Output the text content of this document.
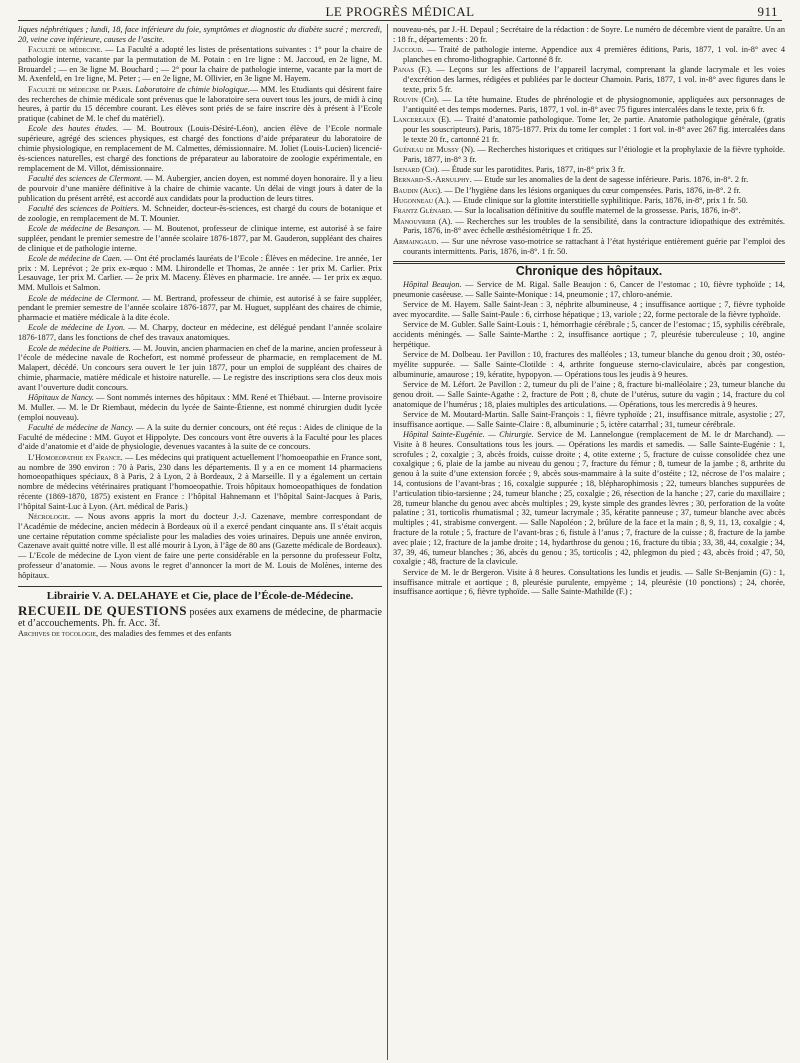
LE PROGRÈS MÉDICAL	911

liques néphrétiques ; lundi, 18, face inférieure du foie, symptômes et diagnostic du diabète sucré ; mercredi, 20, veine cave inférieure, causes de l’ascite.

Faculté de médecine. — La Faculté a adopté les listes de présentations suivantes : 1° pour la chaire de pathologie interne, vacante par la permutation de M. Potain : en 1re ligne : M. Jaccoud, en 2e ligne, M. Brouardel ; — en 3e ligne M. Bouchard ; — 2° pour la chaire de pathologie interne, vacante par la mort de M. Axenfeld, en 1re ligne, M. Peter ; — en 2e ligne, M. Ollivier, en 3e ligne M. Hayem.

Faculté de médecine de Paris. Laboratoire de chimie biologique.— MM. les Etudiants qui désirent faire des recherches de chimie médicale sont prévenus que le laboratoire sera ouvert tous les jours, de midi à cinq heures, à partir du 15 décembre courant. Les élèves sont priés de se faire inscrire dès à présent à l’Ecole pratique (cabinet de M. le chef du matériel).

Ecole des hautes études. — M. Boutroux (Louis-Désiré-Léon), ancien élève de l’Ecole normale supérieure, agrégé des sciences physiques, est chargé des fonctions d’aide préparateur du laboratoire de chimie physiologique, en remplacement de M. Calmettes, démissionnaire. M. Joliet (Louis-Lucien) licencié-ès-sciences naturelles, est chargé des fonctions de préparateur au laboratoire de zoologie expérimentale, en remplacement de M. Villot, démissionnaire.

Faculté des sciences de Clermont. — M. Aubergier, ancien doyen, est nommé doyen honoraire. Il y a lieu de pourvoir d’une manière définitive à la chaire de chimie vacante. Un délai de vingt jours à dater de la publication du présent arrêté, est accordé aux candidats pour la production de leurs titres.

Faculté des sciences de Poitiers. M. Schneider, docteur-ès-sciences, est chargé du cours de botanique et de zoologie, en remplacement de M. T. Mounier.

Ecole de médecine de Besançon. — M. Boutenot, professeur de clinique interne, est autorisé à se faire suppléer, pendant le premier semestre de l’année scolaire 1876-1877, par M. Gauderon, suppléant des chaires de clinique et de pathologie interne.

Ecole de médecine de Caen. — Ont été proclamés lauréats de l’Ecole : Élèves en médecine. 1re année, 1er prix : M. Leprévot ; 2e prix ex-æquo : MM. Lhirondelle et Thomas, 2e année : 1er prix M. Carlier. Prix Lesauvage, 1er prix M. Carlier. — 2e prix M. Maceny. Élèves en pharmacie. 1re année. — 1er prix ex æquo. MM. Mullois et Salmon.

Ecole de médecine de Clermont. — M. Bertrand, professeur de chimie, est autorisé à se faire suppléer, pendant le premier semestre de l’année scolaire 1876-1877, par M. Huguet, suppléant des chaires de chimie, pharmacie et matière médicale à la dite école.

Ecole de médecine de Lyon. — M. Charpy, docteur en médecine, est délégué pendant l’année scolaire 1876-1877, dans les fonctions de chef des travaux anatomiques.

Ecole de médecine de Poitiers. — M. Jouvin, ancien pharmacien en chef de la marine, ancien professeur à l’école de médecine navale de Rochefort, est nommé professeur de pharmacie, en remplacement de M. Malapert, décédé. Un concours sera ouvert le 1er juin 1877, pour un emploi de suppléant des chaires de chimie, pharmacie, matière médicale et histoire naturelle. — Le registre des inscriptions sera clos deux mois avant l’ouverture dudit concours.

Hôpitaux de Nancy. — Sont nommés internes des hôpitaux : MM. René et Thiébaut. — Interne provisoire M. Muller. — M. le Dr Riembaut, médecin du lycée de Sainte-Étienne, est nommé chirurgien dudit lycée (emploi nouveau).

Faculté de médecine de Nancy. — A la suite du dernier concours, ont été reçus : Aides de clinique de la Faculté de médecine : MM. Guyot et Hippolyte. Des concours vont être ouverts à la Faculté pour les places d’aide d’anatomie et d’aide de physiologie, devenues vacantes à la suite de ce concours.

L’Homoeopathie en France. — Les médecins qui pratiquent actuellement l’homoeopathie en France sont, au nombre de 390 environ : 70 à Paris, 230 dans les départements. Il y a en ce moment 14 pharmaciens homoeopathiques spéciaux, 8 à Paris, 2 à Lyon, 2 à Bordeaux, 2 à Marseille. Il y a également un certain nombre de médecins vétérinaires pratiquant l’homoeopathie. Trois hôpitaux homoeopathiques de fondation récente (1869-1870, 1875) existent en France : l’hôpital Hahnemann et l’hôpital Saint-Jacques à Paris, l’hôpital Saint-Luc à Lyon. (Art. médical de Paris.)

Nécrologie. — Nous avons appris la mort du docteur J.-J. Cazenave, membre correspondant de l’Académie de médecine, ancien médecin à Bordeaux où il a exercé pendant cinquante ans. Il s’était acquis une certaine réputation comme spécialiste pour les maladies des voies urinaires. Depuis une année environ, Cazenave avait quitté notre ville. Il est allé mourir à Lyon, à l’âge de 80 ans (Gazette médicale de Bordeaux). — L’Ecole de médecine de Lyon vient de faire une perte considérable en la personne du professeur Foltz, professeur d’anatomie. — Nous avons le regret d’annoncer la mort de M. Louis de Molènes, interne des hôpitaux.

Librairie V. A. DELAHAYE et Cie, place de l’École-de-Médecine.

RECUEIL DE QUESTIONS posées aux examens de médecine, de pharmacie et d’accouchements. Ph. fr. Acc. 3f.

Archives de tocologie, des maladies des femmes et des enfants

nouveau-nés, par J.-H. Depaul ; Secrétaire de la rédaction : de Soyre. Le numéro de décembre vient de paraître. Un an : 18 fr., départements : 20 fr.

Jaccoud. — Traité de pathologie interne. Appendice aux 4 premières éditions, Paris, 1877, 1 vol. in-8° avec 4 planches en chromo-lithographie. Cartonné 8 fr.

Panas (F.). — Leçons sur les affections de l’appareil lacrymal, comprenant la glande lacrymale et les voies d’excrétion des larmes, rédigées et publiées par le docteur Chamoin. Paris, 1877, 1 vol. in-8° avec figures dans le texte, prix 5 fr.

Rouvin (Ch). — La tête humaine. Etudes de phrénologie et de physiognomonie, appliquées aux personnages de l’antiquité et des temps modernes. Paris, 1877, 1 vol. in-8° avec 75 figures intercalées dans le texte, prix 6 fr.

Lancereaux (E). — Traité d’anatomie pathologique. Tome Ier, 2e partie. Anatomie pathologique générale, (gratis pour les souscripteurs). Paris, 1875-1877. Prix du tome Ier complet : 1 fort vol. in-8° avec 267 fig. intercalées dans le texte 20 fr., cartonné 21 fr.

Guéneau de Mussy (N). — Recherches historiques et critiques sur l’étiologie et la prophylaxie de la fièvre typhoïde. Paris, 1877, in-8° 3 fr.

Isenard (Ch). — Étude sur les parotidites. Paris, 1877, in-8° prix 3 fr.

Bernard-S.-Arnulphy. — Etude sur les anomalies de la dent de sagesse inférieure. Paris. 1876, in-8°. 2 fr.

Baudin (Aug). — De l’hygiène dans les lésions organiques du cœur compensées. Paris, 1876, in-8°. 2 fr.

Hugonneau (A.). — Etude clinique sur la glottite interstitielle syphilitique. Paris, 1876, in-8°, prix 1 fr. 50.

Frantz Glénard. — Sur la localisation définitive du souffle maternel de la grossesse. Paris, 1876, in-8°.

Manouvrier (A). — Recherches sur les troubles de la sensibilité, dans la contracture idiopathique des extrémités. Paris, 1876, in-8° avec échelle œsthésiométrique 1 fr. 25.

Armaingaud. — Sur une névrose vaso-motrice se rattachant à l’état hystérique entièrement guérie par l’emploi des courants intermittents. Paris, 1876, in-8°. 1 fr. 50.

Chronique des hôpitaux.

Hôpital Beaujon. — Service de M. Rigal. Salle Beaujon : 6, Cancer de l’estomac ; 10, fièvre typhoïde ; 14, pneumonie caséeuse. — Salle Sainte-Monique : 14, pneumonie ; 17, chloro-anémie.

Service de M. Hayem. Salle Saint-Jean : 3, néphrite albumineuse, 4 ; insuffisance aortique ; 7, fièvre typhoïde avec myocardite. — Salle Saint-Paule : 6, cirrhose hépatique ; 13, variole ; 22, forme pectorale de la fièvre typhoïde.

Service de M. Gubler. Salle Saint-Louis : 1, hémorrhagie cérébrale ; 5, cancer de l’estomac ; 15, syphilis cérébrale, accidents méningés. — Salle Sainte-Marthe : 2, insuffisance aortique ; 7, pleurésie tuberculeuse ; 10, angine herpétique.

Service de M. Dolbeau. 1er Pavillon : 10, fractures des malléoles ; 13, tumeur blanche du genou droit ; 30, ostéo-myélite suppurée. — Salle Sainte-Clotilde : 4, arthrite fongueuse sterno-claviculaire, abcès par congestion, albuminurie, amaurose ; 19, kératite, hypopyon. — Opérations tous les jeudis à 9 heures.

Service de M. Léfort. 2e Pavillon : 2, tumeur du pli de l’aine ; 8, fracture bi-malléolaire ; 23, tumeur blanche du genou droit. — Salle Sainte-Agathe : 2, fracture de Pott ; 8, chute de l’utérus, suture du vagin ; 14, fracture du col anatomique de l’humérus ; 18, plaies multiples des articulations. — Opérations, tous les mercredis à 9 heures.

Service de M. Moutard-Martin. Salle Saint-François : 1, fièvre typhoïde ; 21, insuffisance mitrale, asystolie ; 27, insuffisance aortique. — Salle Sainte-Claire : 8, albuminurie ; 5, ictère catarrhal ; 31, tumeur cérébrale.

Hôpital Sainte-Eugénie. — Chirurgie. Service de M. Lannelongue (remplacement de M. le dr Marchand). — Visite à 8 heures. Consultations tous les jours. — Opérations les mardis et samedis. — Salle Sainte-Eugénie : 1, scrofules ; 2, coxalgie ; 3, abcès froids, cuisse droite ; 4, otite externe ; 5, fracture de cuisse consolidée chez une coxalgique ; 6, plaie de la jambe au niveau du genou ; 7, fracture du fémur ; 8, tumeur de la jambe ; 8, arthrite du genou à la suite d’une extension forcée ; 9, abcès sous-mammaire à la suite d’ostéite ; 12, nécrose de l’os malaire ; 14, contusions de l’avant-bras ; 16, coxalgie suppurée ; 18, blépharophimosis ; 22, tumeurs blanches suppurées de l’articulation tibio-tarsienne ; 24, tumeur blanche ; 25, coxalgie ; 26, résection de la hanche ; 27, carie du maxillaire ; 28, tumeur blanche du genou avec abcès multiples ; 29, kyste simple des grandes lèvres ; 30, perforation de la voûte palatine ; 31, torticolis rhumatismal ; 32, tumeur lacrymale ; 35, kératite panneuse ; 37, tumeur blanche avec abcès multiples ; 41, strabisme convergent. — Salle Napoléon ; 2, brûlure de la face et la main ; 8, 9, 11, 13, coxalgie ; 4, fracture de la rotule ; 5, fracture de l’avant-bras ; 6, fistule à l’anus ; 7, fracture de la cuisse ; 8, fracture de la jambe avec plaie ; 12, fracture de la jambe droite ; 14, hydarthrose du genou ; 16, fracture du tibia ; 33, 38, 44, coxalgie ; 34, 37, 39, 46, tumeur blanches ; 36, abcès du genou ; 35, torticolis ; 42, phlegmon du pied ; 43, abcès froid ; 47, 50, coxalgie ; 48, fracture de la clavicule.

Service de M. le dr Bergeron. Visite à 8 heures. Consultations les lundis et jeudis. — Salle St-Benjamin (G) : 1, insuffisance mitrale et aortique ; 8, pleurésie purulente, empyème ; 14, pleurésie (10 ponctions) ; 24, chorée, insuffisance aortique ; 6, fièvre typhoïde. — Salle Sainte-Mathilde (F.) ;
